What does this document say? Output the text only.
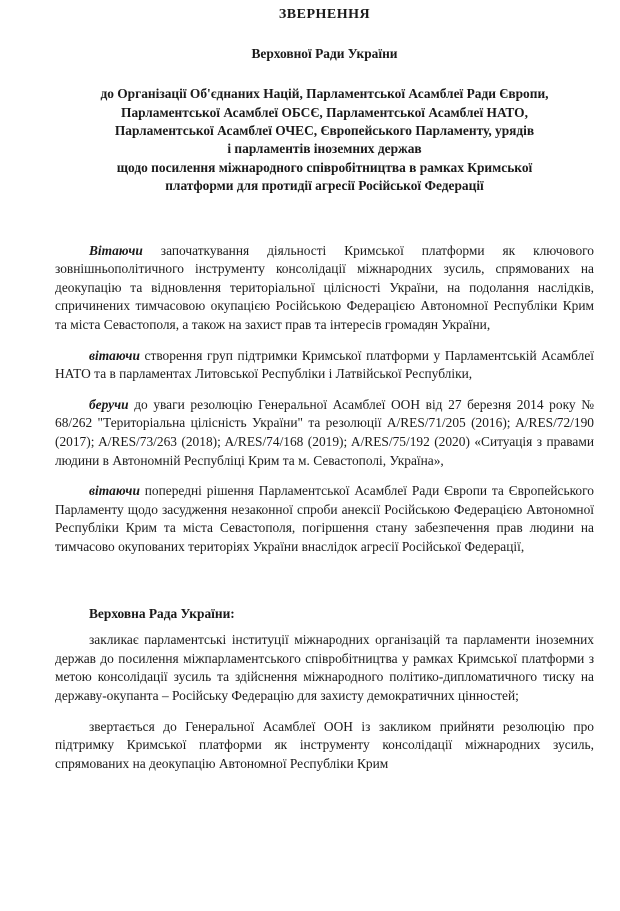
ЗВЕРНЕННЯ
Верховної Ради України
до Організації Об'єднаних Націй, Парламентської Асамблеї Ради Європи,
Парламентської Асамблеї ОБСЄ, Парламентської Асамблеї НАТО,
Парламентської Асамблеї ОЧЕС, Європейського Парламенту, урядів
і парламентів іноземних держав
щодо посилення міжнародного співробітництва в рамках Кримської
платформи для протидії агресії Російської Федерації

Вітаючи започаткування діяльності Кримської платформи як ключового зовнішньополітичного інструменту консолідації міжнародних зусиль, спрямованих на деокупацію та відновлення територіальної цілісності України, на подолання наслідків, спричинених тимчасовою окупацією Російською Федерацією Автономної Республіки Крим та міста Севастополя, а також на захист прав та інтересів громадян України,

вітаючи створення груп підтримки Кримської платформи у Парламентській Асамблеї НАТО та в парламентах Литовської Республіки і Латвійської Республіки,

беручи до уваги резолюцію Генеральної Асамблеї ООН від 27 березня 2014 року № 68/262 "Територіальна цілісність України" та резолюції A/RES/71/205 (2016); A/RES/72/190 (2017); A/RES/73/263 (2018); A/RES/74/168 (2019); A/RES/75/192 (2020) «Ситуація з правами людини в Автономній Республіці Крим та м. Севастополі, Україна»,

вітаючи попередні рішення Парламентської Асамблеї Ради Європи та Європейського Парламенту щодо засудження незаконної спроби анексії Російською Федерацією Автономної Республіки Крим та міста Севастополя, погіршення стану забезпечення прав людини на тимчасово окупованих територіях України внаслідок агресії Російської Федерації,

Верховна Рада України:

закликає парламентські інституції міжнародних організацій та парламенти іноземних держав до посилення міжпарламентського співробітництва у рамках Кримської платформи з метою консолідації зусиль та здійснення міжнародного політико-дипломатичного тиску на державу-окупанта – Російську Федерацію для захисту демократичних цінностей;

звертається до Генеральної Асамблеї ООН із закликом прийняти резолюцію про підтримку Кримської платформи як інструменту консолідації міжнародних зусиль, спрямованих на деокупацію Автономної Республіки Крим
